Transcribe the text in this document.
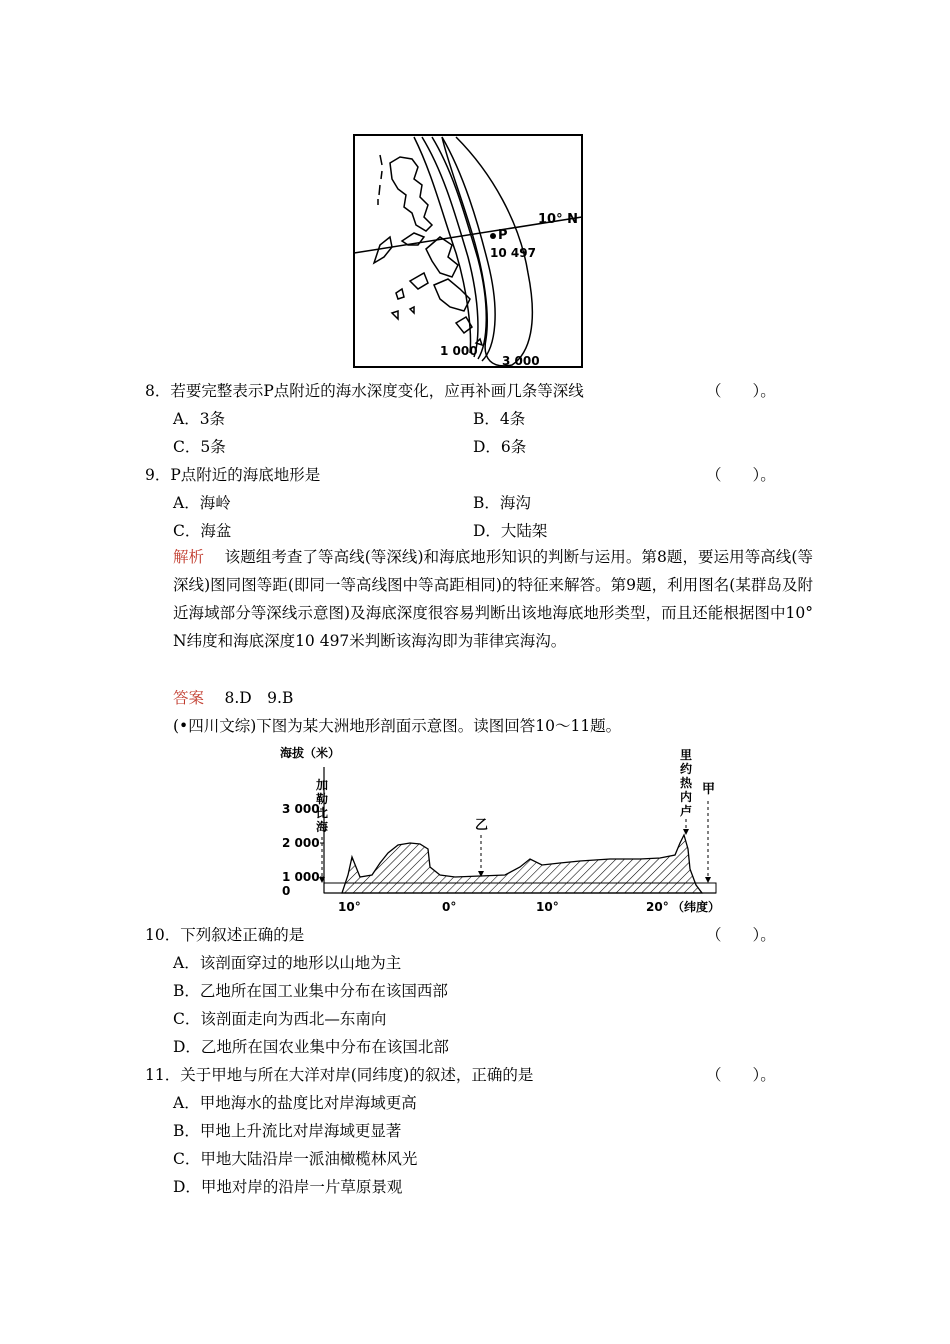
P
10 497
10° N
1 000
3 000
8．若要完整表示P点附近的海水深度变化，应再补画几条等深线	（　　）。
A．3条	B．4条
C．5条	D．6条
9．P点附近的海底地形是	（　　）。
A．海岭	B．海沟
C．海盆	D．大陆架
解析　 该题组考查了等高线(等深线)和海底地形知识的判断与运用。第8题，要运用等高线(等深线)图同图等距(即同一等高线图中等高距相同)的特征来解答。第9题，利用图名(某群岛及附近海域部分等深线示意图)及海底深度很容易判断出该地海底地形类型，而且还能根据图中10° N纬度和海底深度10 497米判断该海沟即为菲律宾海沟。
答案　 8.D　9.B
(•四川文综)下图为某大洲地形剖面示意图。读图回答10～11题。
海拔（米）
3 000
2 000
1 000
0
10°	0°	10°	20° （纬度）
加
勒
比
海	乙
里
约
热
内
卢
甲
10．下列叙述正确的是	（　　）。
A．该剖面穿过的地形以山地为主
B．乙地所在国工业集中分布在该国西部
C．该剖面走向为西北—东南向
D．乙地所在国农业集中分布在该国北部
11．关于甲地与所在大洋对岸(同纬度)的叙述，正确的是	（　　）。
A．甲地海水的盐度比对岸海域更高
B．甲地上升流比对岸海域更显著
C．甲地大陆沿岸一派油橄榄林风光
D．甲地对岸的沿岸一片草原景观
